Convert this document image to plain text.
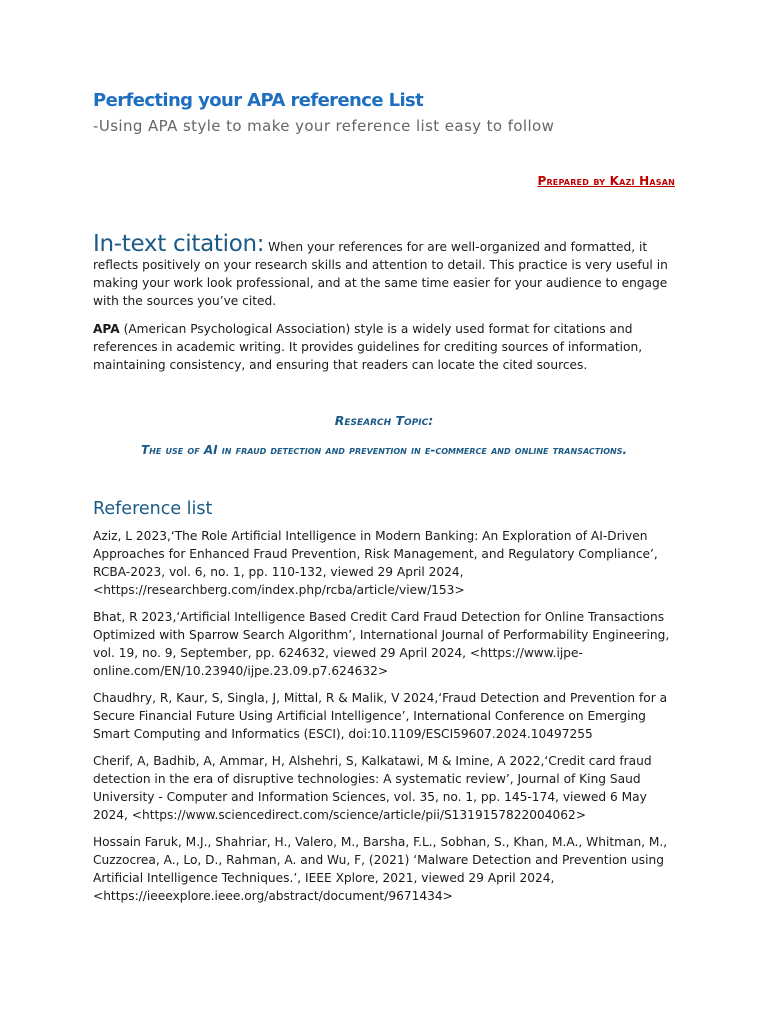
Perfecting your APA reference List
-Using APA style to make your reference list easy to follow
Prepared by Kazi Hasan
In-text citation: When your references for are well-organized and formatted, it reflects positively on your research skills and attention to detail. This practice is very useful in making your work look professional, and at the same time easier for your audience to engage with the sources you’ve cited.
APA (American Psychological Association) style is a widely used format for citations and references in academic writing. It provides guidelines for crediting sources of information, maintaining consistency, and ensuring that readers can locate the cited sources.
Research Topic:
The use of AI in fraud detection and prevention in e-commerce and online transactions.
Reference list
Aziz, L 2023,‘The Role Artificial Intelligence in Modern Banking: An Exploration of AI-Driven Approaches for Enhanced Fraud Prevention, Risk Management, and Regulatory Compliance’, RCBA-2023, vol. 6, no. 1, pp. 110-132, viewed 29 April 2024, <https://researchberg.com/index.php/rcba/article/view/153>
Bhat, R 2023,‘Artificial Intelligence Based Credit Card Fraud Detection for Online Transactions Optimized with Sparrow Search Algorithm’, International Journal of Performability Engineering, vol. 19, no. 9, September, pp. 624632, viewed 29 April 2024, <https://www.ijpe-online.com/EN/10.23940/ijpe.23.09.p7.624632>
Chaudhry, R, Kaur, S, Singla, J, Mittal, R & Malik, V 2024,‘Fraud Detection and Prevention for a Secure Financial Future Using Artificial Intelligence’, International Conference on Emerging Smart Computing and Informatics (ESCI), doi:10.1109/ESCI59607.2024.10497255
Cherif, A, Badhib, A, Ammar, H, Alshehri, S, Kalkatawi, M & Imine, A 2022,‘Credit card fraud detection in the era of disruptive technologies: A systematic review’, Journal of King Saud University - Computer and Information Sciences, vol. 35, no. 1, pp. 145-174, viewed 6 May 2024, <https://www.sciencedirect.com/science/article/pii/S1319157822004062>
Hossain Faruk, M.J., Shahriar, H., Valero, M., Barsha, F.L., Sobhan, S., Khan, M.A., Whitman, M., Cuzzocrea, A., Lo, D., Rahman, A. and Wu, F, (2021) ‘Malware Detection and Prevention using Artificial Intelligence Techniques.’, IEEE Xplore, 2021, viewed 29 April 2024, <https://ieeexplore.ieee.org/abstract/document/9671434>
